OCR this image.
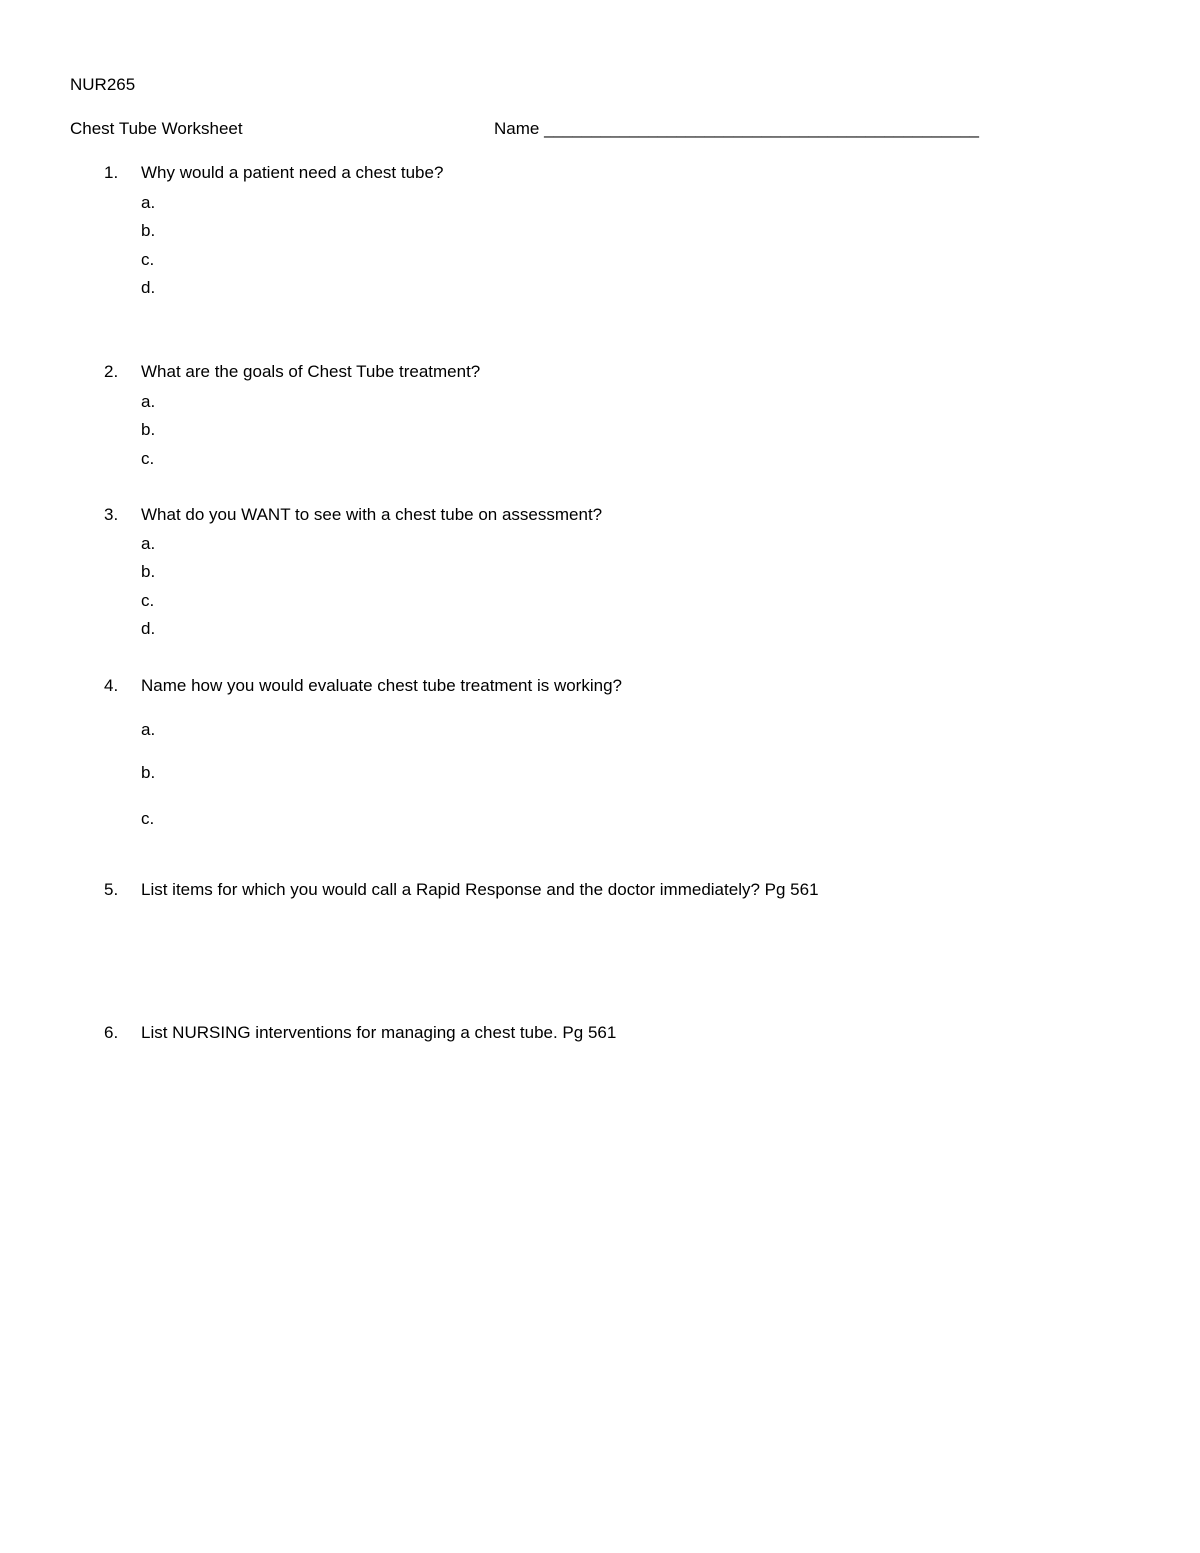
NUR265
Chest Tube Worksheet	Name ______________________________________________
1. Why would a patient need a chest tube?
a.
b.
c.
d.
2. What are the goals of Chest Tube treatment?
a.
b.
c.
3. What do you WANT to see with a chest tube on assessment?
a.
b.
c.
d.
4. Name how you would evaluate chest tube treatment is working?
a.
b.
c.
5. List items for which you would call a Rapid Response and the doctor immediately? Pg 561
6. List NURSING interventions for managing a chest tube. Pg 561
